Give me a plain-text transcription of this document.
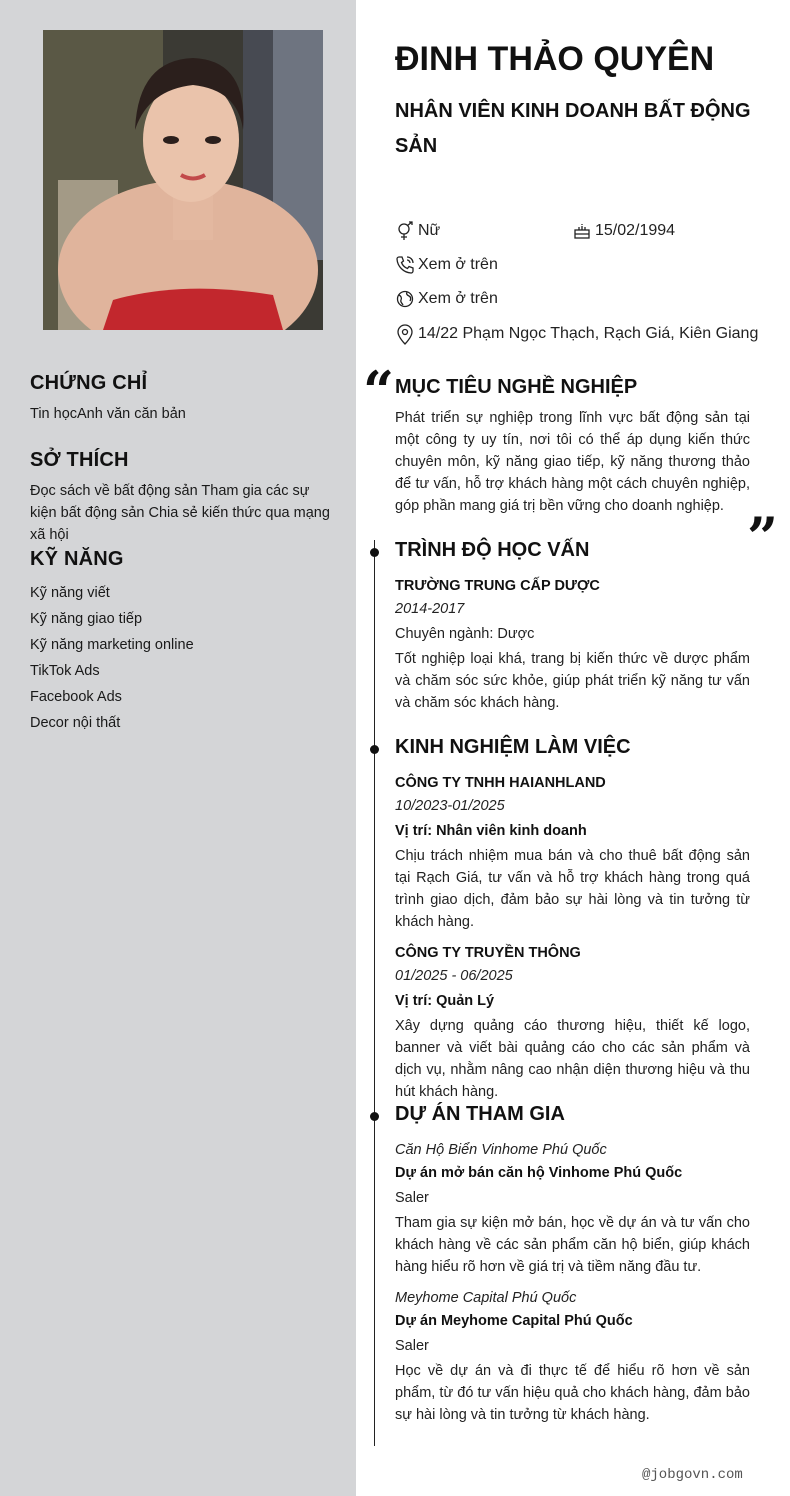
CHỨNG CHỈ
Tin họcAnh văn căn bản
SỞ THÍCH
Đọc sách về bất động sản Tham gia các sự kiện bất động sản Chia sẻ kiến thức qua mạng xã hội
KỸ NĂNG
Kỹ năng viết
Kỹ năng giao tiếp
Kỹ năng marketing online
TikTok Ads
Facebook Ads
Decor nội thất
ĐINH THẢO QUYÊN
NHÂN VIÊN KINH DOANH BẤT ĐỘNG SẢN
Nữ	15/02/1994
Xem ở trên
Xem ở trên
14/22 Phạm Ngọc Thạch, Rạch Giá, Kiên Giang
“ MỤC TIÊU NGHỀ NGHIỆP
Phát triển sự nghiệp trong lĩnh vực bất động sản tại một công ty uy tín, nơi tôi có thể áp dụng kiến thức chuyên môn, kỹ năng giao tiếp, kỹ năng thương thảo để tư vấn, hỗ trợ khách hàng một cách chuyên nghiệp, góp phần mang giá trị bền vững cho doanh nghiệp. ”
TRÌNH ĐỘ HỌC VẤN
TRƯỜNG TRUNG CẤP DƯỢC
2014-2017
Chuyên ngành: Dược
Tốt nghiệp loại khá, trang bị kiến thức về dược phẩm và chăm sóc sức khỏe, giúp phát triển kỹ năng tư vấn và chăm sóc khách hàng.
KINH NGHIỆM LÀM VIỆC
CÔNG TY TNHH HAIANHLAND
10/2023-01/2025
Vị trí: Nhân viên kinh doanh
Chịu trách nhiệm mua bán và cho thuê bất động sản tại Rạch Giá, tư vấn và hỗ trợ khách hàng trong quá trình giao dịch, đảm bảo sự hài lòng và tin tưởng từ khách hàng.
CÔNG TY TRUYỀN THÔNG
01/2025 - 06/2025
Vị trí: Quản Lý
Xây dựng quảng cáo thương hiệu, thiết kế logo, banner và viết bài quảng cáo cho các sản phẩm và dịch vụ, nhằm nâng cao nhận diện thương hiệu và thu hút khách hàng.
DỰ ÁN THAM GIA
Căn Hộ Biển Vinhome Phú Quốc
Dự án mở bán căn hộ Vinhome Phú Quốc
Saler
Tham gia sự kiện mở bán, học về dự án và tư vấn cho khách hàng về các sản phẩm căn hộ biển, giúp khách hàng hiểu rõ hơn về giá trị và tiềm năng đầu tư.
Meyhome Capital Phú Quốc
Dự án Meyhome Capital Phú Quốc
Saler
Học về dự án và đi thực tế để hiểu rõ hơn về sản phẩm, từ đó tư vấn hiệu quả cho khách hàng, đảm bảo sự hài lòng và tin tưởng từ khách hàng.
@jobgovn.com
